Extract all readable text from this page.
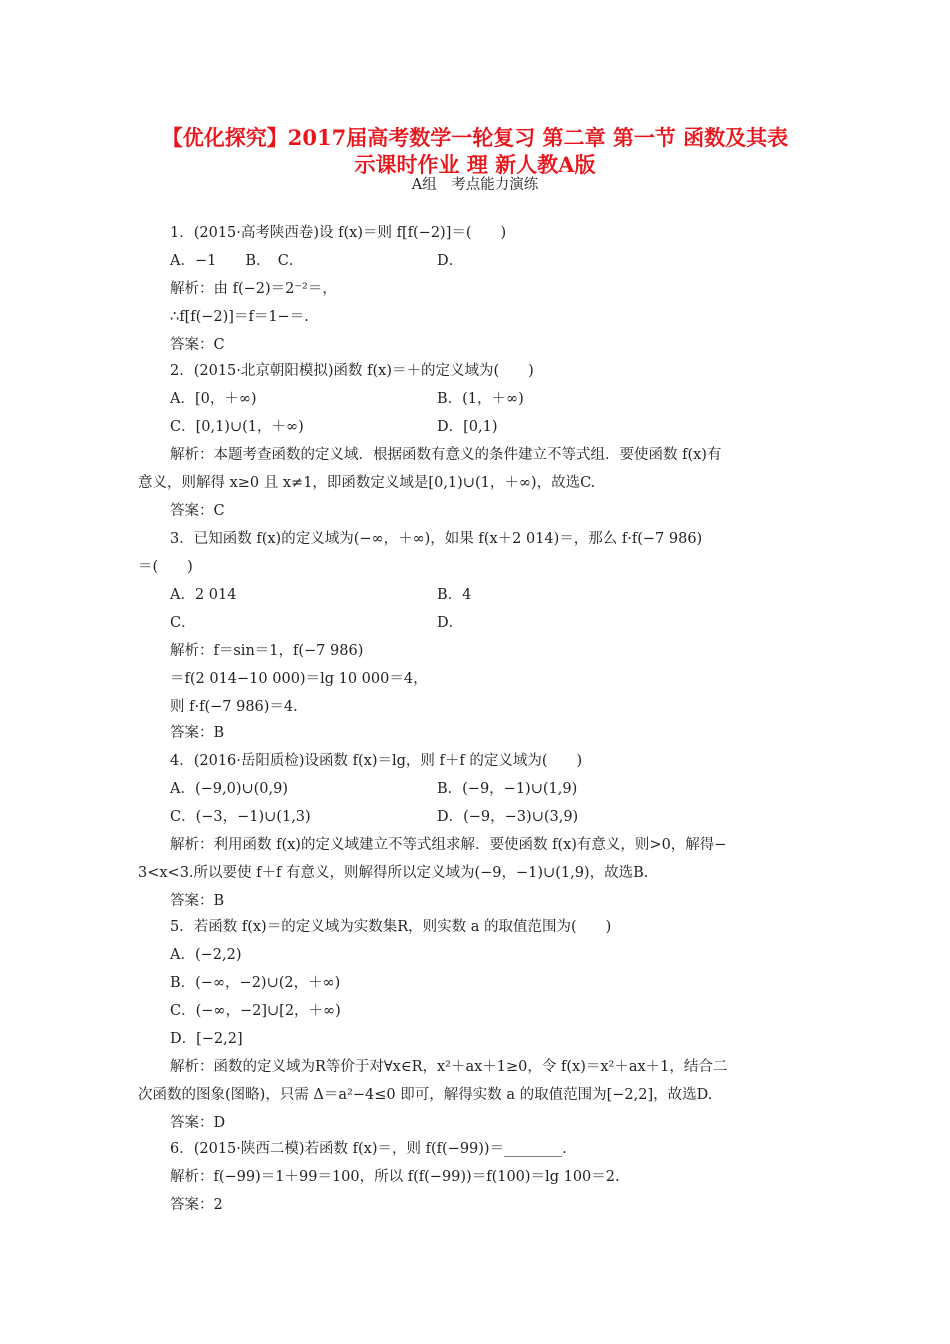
【优化探究】2017届高考数学一轮复习 第二章 第一节 函数及其表
示课时作业 理 新人教A版
A组　考点能力演练
1．(2015·高考陕西卷)设 f(x)＝则 f[f(−2)]＝(　　)
A．−1　　B．　C．	D．
解析：由 f(−2)＝2⁻²＝，
∴f[f(−2)]＝f＝1−＝.
答案：C
2．(2015·北京朝阳模拟)函数 f(x)＝＋的定义域为(　　)
A．[0，＋∞)	B．(1，＋∞)
C．[0,1)∪(1，＋∞)	D．[0,1)
解析：本题考查函数的定义域．根据函数有意义的条件建立不等式组．要使函数 f(x)有
意义，则解得 x≥0 且 x≠1，即函数定义域是[0,1)∪(1，＋∞)，故选C.
答案：C
3．已知函数 f(x)的定义域为(−∞，＋∞)，如果 f(x＋2 014)＝，那么 f·f(−7 986)
＝(　　)
A．2 014	B．4
C．	D．
解析：f＝sin＝1，f(−7 986)
＝f(2 014−10 000)＝lg 10 000＝4，
则 f·f(−7 986)＝4.
答案：B
4．(2016·岳阳质检)设函数 f(x)＝lg，则 f＋f 的定义域为(　　)
A．(−9,0)∪(0,9)	B．(−9，−1)∪(1,9)
C．(−3，−1)∪(1,3)	D．(−9，−3)∪(3,9)
解析：利用函数 f(x)的定义域建立不等式组求解．要使函数 f(x)有意义，则>0，解得−
3<x<3.所以要使 f＋f 有意义，则解得所以定义域为(−9，−1)∪(1,9)，故选B.
答案：B
5．若函数 f(x)＝的定义域为实数集R，则实数 a 的取值范围为(　　)
A．(−2,2)
B．(−∞，−2)∪(2，＋∞)
C．(−∞，−2]∪[2，＋∞)
D．[−2,2]
解析：函数的定义域为R等价于对∀x∈R，x²＋ax＋1≥0，令 f(x)＝x²＋ax＋1，结合二
次函数的图象(图略)，只需 Δ＝a²−4≤0 即可，解得实数 a 的取值范围为[−2,2]，故选D.
答案：D
6．(2015·陕西二模)若函数 f(x)＝，则 f(f(−99))＝________.
解析：f(−99)＝1＋99＝100，所以 f(f(−99))＝f(100)＝lg 100＝2.
答案：2
